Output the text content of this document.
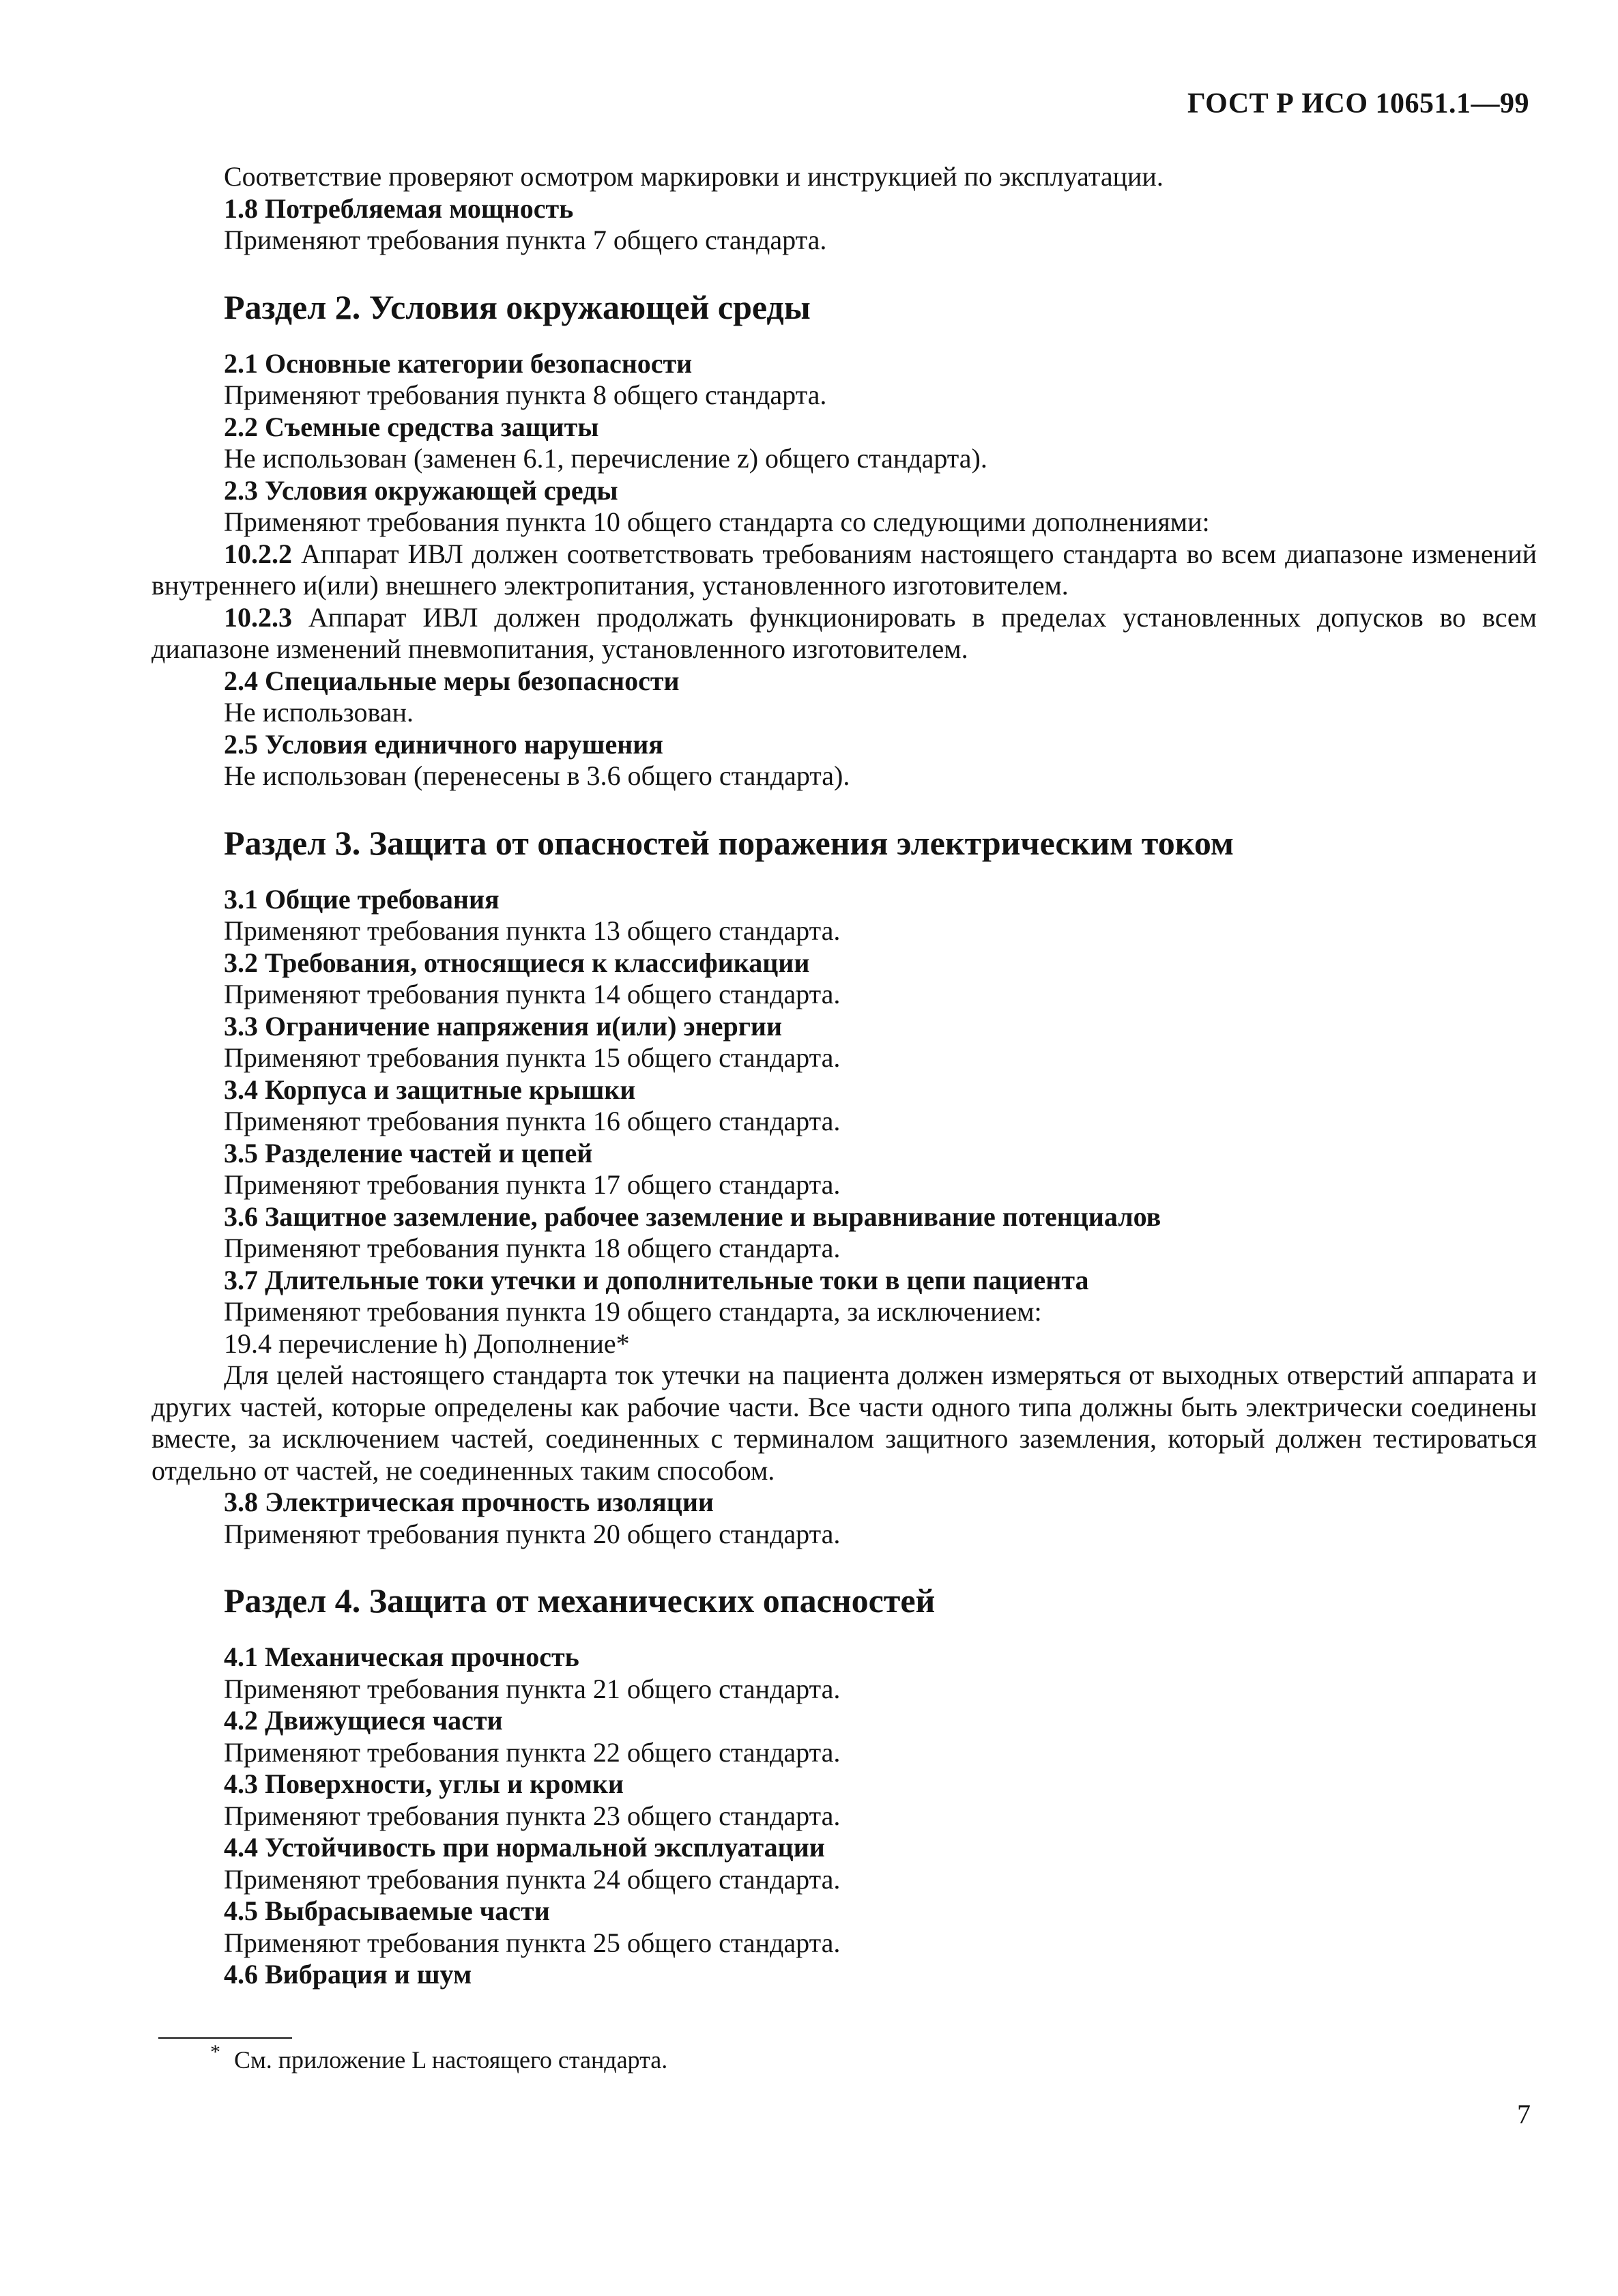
ГОСТ Р ИСО 10651.1—99
Соответствие проверяют осмотром маркировки и инструкцией по эксплуатации.
1.8 Потребляемая мощность
Применяют требования пункта 7 общего стандарта.
Раздел 2. Условия окружающей среды
2.1 Основные категории безопасности
Применяют требования пункта 8 общего стандарта.
2.2 Съемные средства защиты
Не использован (заменен 6.1, перечисление z) общего стандарта).
2.3 Условия окружающей среды
Применяют требования пункта 10 общего стандарта со следующими дополнениями:
10.2.2 Аппарат ИВЛ должен соответствовать требованиям настоящего стандарта во всем диапазоне изменений внутреннего и(или) внешнего электропитания, установленного изготовителем.
10.2.3 Аппарат ИВЛ должен продолжать функционировать в пределах установленных допусков во всем диапазоне изменений пневмопитания, установленного изготовителем.
2.4 Специальные меры безопасности
Не использован.
2.5 Условия единичного нарушения
Не использован (перенесены в 3.6 общего стандарта).
Раздел 3. Защита от опасностей поражения электрическим током
3.1 Общие требования
Применяют требования пункта 13 общего стандарта.
3.2 Требования, относящиеся к классификации
Применяют требования пункта 14 общего стандарта.
3.3 Ограничение напряжения и(или) энергии
Применяют требования пункта 15 общего стандарта.
3.4 Корпуса и защитные крышки
Применяют требования пункта 16 общего стандарта.
3.5 Разделение частей и цепей
Применяют требования пункта 17 общего стандарта.
3.6 Защитное заземление, рабочее заземление и выравнивание потенциалов
Применяют требования пункта 18 общего стандарта.
3.7 Длительные токи утечки и дополнительные токи в цепи пациента
Применяют требования пункта 19 общего стандарта, за исключением:
19.4 перечисление h) Дополнение*
Для целей настоящего стандарта ток утечки на пациента должен измеряться от выходных отверстий аппарата и других частей, которые определены как рабочие части. Все части одного типа должны быть электрически соединены вместе, за исключением частей, соединенных с терминалом защитного заземления, который должен тестироваться отдельно от частей, не соединенных таким способом.
3.8 Электрическая прочность изоляции
Применяют требования пункта 20 общего стандарта.
Раздел 4. Защита от механических опасностей
4.1 Механическая прочность
Применяют требования пункта 21 общего стандарта.
4.2 Движущиеся части
Применяют требования пункта 22 общего стандарта.
4.3 Поверхности, углы и кромки
Применяют требования пункта 23 общего стандарта.
4.4 Устойчивость при нормальной эксплуатации
Применяют требования пункта 24 общего стандарта.
4.5 Выбрасываемые части
Применяют требования пункта 25 общего стандарта.
4.6 Вибрация и шум
* См. приложение L настоящего стандарта.
7
